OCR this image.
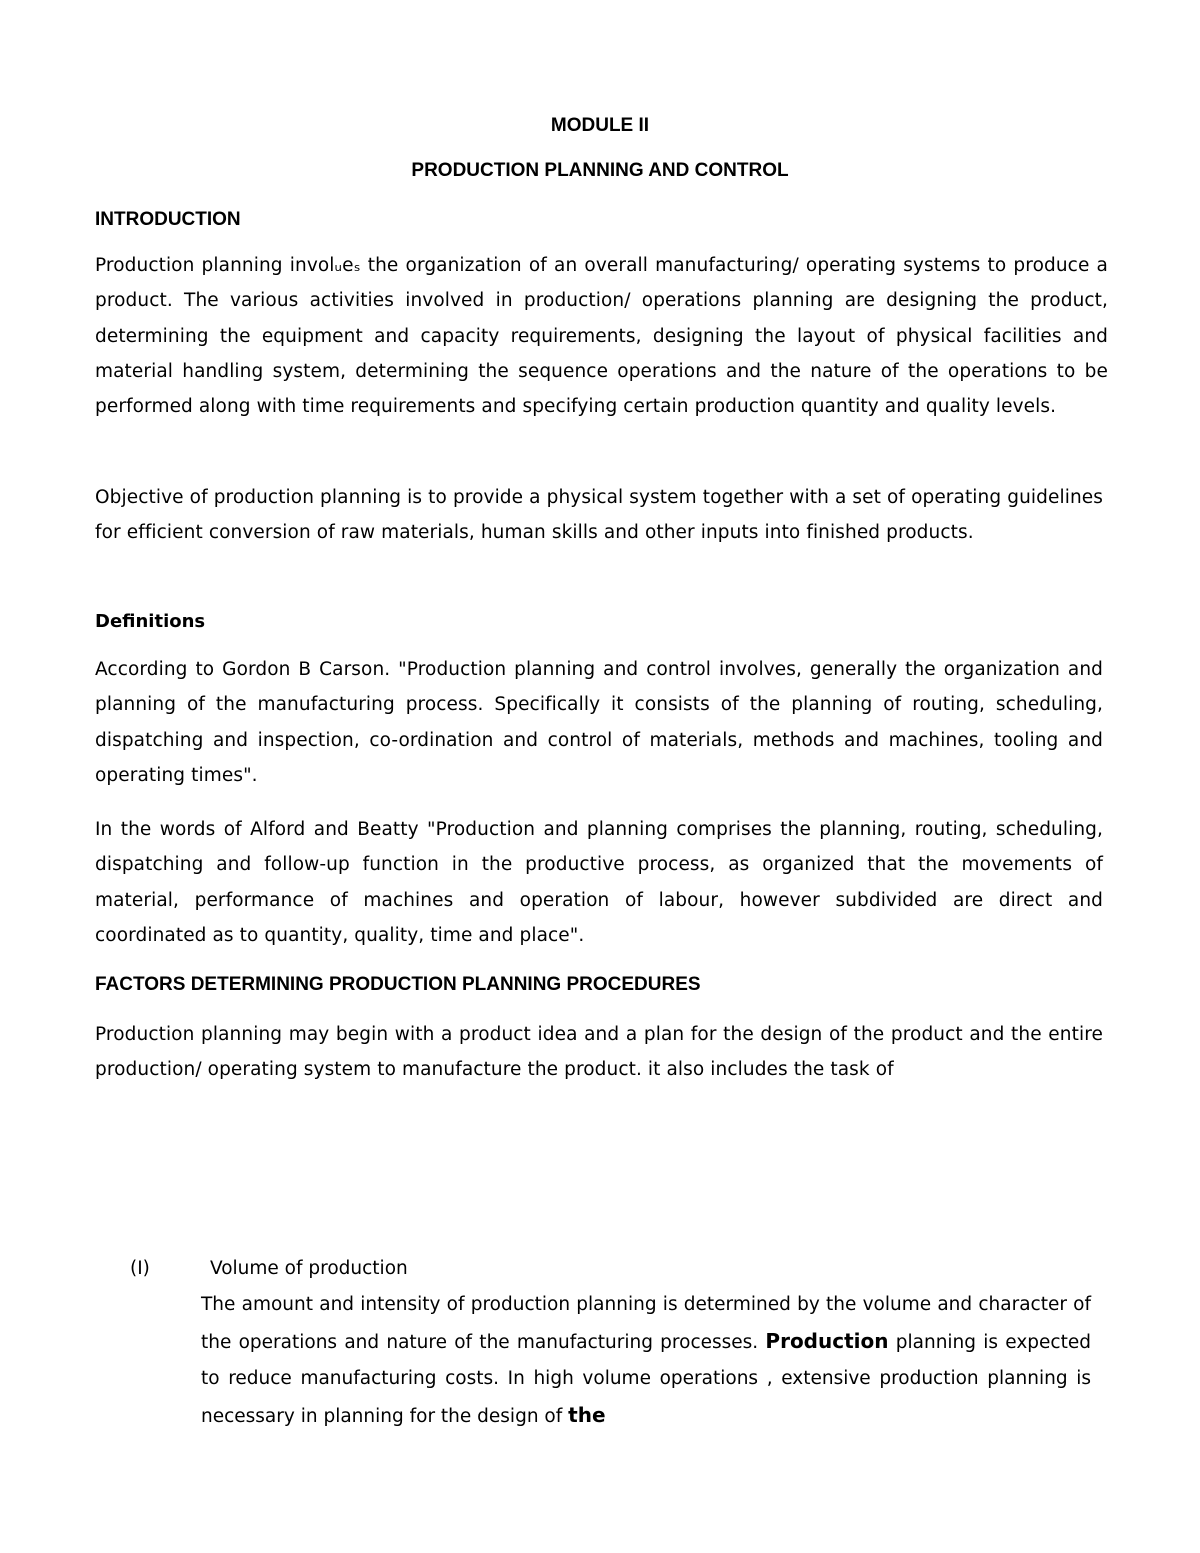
MODULE II

PRODUCTION PLANNING AND CONTROL

INTRODUCTION

Production planning involᵤeₛ the organization of an overall manufacturing/ operating systems to produce a product. The various activities involved in production/ operations planning are designing the product, determining the equipment and capacity requirements, designing the layout of physical facilities and material handling system, determining the sequence operations and the nature of the operations to be performed along with time requirements and specifying certain production quantity and quality levels.

Objective of production planning is to provide a physical system together with a set of operating guidelines for efficient conversion of raw materials, human skills and other inputs into finished products.

Definitions

According to Gordon B Carson. "Production planning and control involves, generally the organization and planning of the manufacturing process. Specifically it consists of the planning of routing, scheduling, dispatching and inspection, co-ordination and control of materials, methods and machines, tooling and operating times".

In the words of Alford and Beatty "Production and planning comprises the planning, routing, scheduling, dispatching and follow-up function in the productive process, as organized that the movements of material, performance of machines and operation of labour, however subdivided are direct and coordinated as to quantity, quality, time and place".

FACTORS DETERMINING PRODUCTION PLANNING PROCEDURES

Production planning may begin with a product idea and a plan for the design of the product and the entire production/ operating system to manufacture the product. it also includes the task of

(I)	Volume of production

The amount and intensity of production planning is determined by the volume and character of the operations and nature of the manufacturing processes. Production planning is expected to reduce manufacturing costs. In high volume operations , extensive production planning is necessary in planning for the design of the
